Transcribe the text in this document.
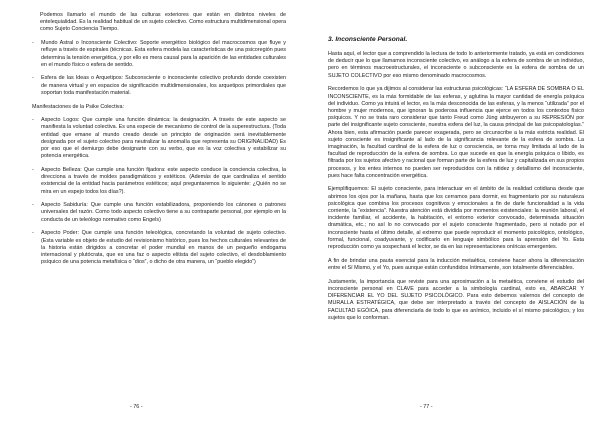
Podemos llamarlo el mundo de las culturas exteriores que están en distintos niveles de entelequialidad. Es la realidad habitual de un sujeto colectivo. Como estructura multidimensional opera como Sujeto Conciencia Tiempo.

-	Mundo Astral o Inconsciente Colectivo: Soporte energético biológico del macrocosmos que fluye y refluye a través de espirales (técnicas. Esta esfera modela las características de una psicoregión pues determina la tensión energética, y por ello es mera causal para la aparición de las entidades culturales en el mundo físico o esfera de sentido.

-	Esfera de las Ideas o Arquetipos: Subconsciente o inconsciente colectivo profundo donde coexisten de manera virtual y en espacios de significación multidimensionales, los arquetipos primordiales que soportan toda manifestación material.

Manifestaciones de la Psike Colectiva:

-	Aspecto Logos: Que cumple una función dinámica: la designación. A través de este aspecto se manifiesta la voluntad colectiva. Es una especie de mecanismo de control de la superestructura. (Toda entidad que emane al mundo creado desde un principio de originación será inevitablemente designada por el sujeto colectivo para neutralizar la anomalía que representa su ORIGINALIDAD) Es por eso que el demiurgo debe designarte con su verbo, que es la voz colectiva y estabilizar su potencia energética.

-	Aspecto Belleza: Que cumple una función fijadora: este aspecto conduce la conciencia colectiva, la direcciona a través de moldes paradigmáticos y estéticos. (Además de que cardinaliza el sentido existencial de la entidad hacia parámetros estéticos; aquí preguntaremos lo siguiente: ¿Quién no se mira en un espejo todos los días?).

-	Aspecto Sabiduría: Que cumple una función estabilizadora, proponiendo los cánones o patrones universales del razón. Como todo aspecto colectivo tiene a su contraparte personal, por ejemplo en la conducta de un teleólogo normativo como Engels)

-	Aspecto Poder: Que cumple una función teleológica, concretando la voluntad de sujeto colectivo. (Esta variable es objeto de estudio del revisionismo histórico, pues los hechos culturales relevantes de la historia están dirigidos a concretar el poder mundial en manos de un pequeño endogama internacional y plutócrata, que es una faz o aspecto elitista del sujeto colectivo, el desdoblamiento psíquico de una potencia metafísica o “dios”, o dicho de otra manera, un “pueblo elegido”)

- 76 -

3. Inconsciente Personal.

Hasta aquí, el lector que a comprendido la lectura de todo lo anteriormente tratado, ya está en condiciones de deducir que lo que llamamos inconsciente colectivo, es análogo a la esfera de sombra de un individuo, pero en términos macroestructurales, el inconsciente o subconsciente es la esfera de sombra de un SUJETO COLECTIVO por eso mismo denominado macrocosmos.

Recordemos lo que ya dijimos al considerar las estructuras psicológicas: “LA ESFERA DE SOMBRA O EL INCONSCIENTE, es la más formidable de las esferas, y aglutina la mayor cantidad de energía psíquica del individuo. Como ya intuirá el lector, es la más desconocida de las esferas, y la menos “utilizada” por el hombre y mujer modernos, que ignoran la poderosa influencia que ejerce en todos los contextos físico psíquicos. Y no se trata raro considerar que tanto Freud como Jüng atribuyeron a su REPRESIÓN por parte del insignificante sujeto consciente, nuestra esfera del luz, la causa principal de las psicopatologías.” Ahora bien, esta afirmación puede parecer exagerada, pero se circunscribe a la más estricta realidad. El sujeto consciente es insignificante al lado de la significancia relevante de la esfera de sombra. La imaginación, la facultad cardinal de la esfera de luz o consciencia, se torna muy limitada al lado de la facultad de reproducción de la esfera de sombra. Lo que sucede es que la energía psíquica o libido, es filtrada por los sujetos afectivo y racional que forman parte de la esfera de luz y capitalizada en sus propios procesos, y los entes internos no pueden ser reproducidos con la nitidez y detallismo del inconsciente, pues hace falta concentración energética.

Ejemplifiquemos: El sujeto consciente, para interactuar en el ámbito de la realidad cotidiana desde que abrimos los ojos por la mañana, hasta que los cerramos para dormir, es fragmentario por su naturaleza psicológica que combina los procesos cognitivos y emocionales a fin de darle funcionalidad a la vida corriente, la “existencia”. Nuestra atención está dividida por momentos existenciales: la reunión laboral, el incidente familiar, el accidente, la habitación, el entorno exterior convocado, determinada situación dramática, etc.; no así lo no convocado por el sujeto consciente fragmentado, pero si notado por el inconsciente hasta el último detalle, al extremo que puede reproducir el momento psicológico, ontológico, formal, funcional, coadyuvante, y codificarlo en lenguaje simbólico para la aprensión del Yo. Esta reproducción como ya sospechará el lector, se da en las representaciones oníricas emergentes.

A fin de brindar una pauta esencial para la inducción metaética, conviene hacer ahora la diferenciación entre el Sí Mismo, y el Yo, pues aunque están confundidos íntimamente, son totalmente diferenciables.

Justamente, la importancia que reviste para una aproximación a la metaética, conviene el estudio del inconsciente personal en CLAVE para acceder a la simbología cardinal, esto es, ABARCAR Y DIFERENCIAR EL YO DEL SUJETO PSICOLÓGICO. Para esto debemos valernos del concepto de MURALLA ESTRATÉGICA, que debe ser interpretado a través del concepto de AISLACIÓN de la FACULTAD EGÓICA, para diferenciarla de todo lo que es anímico, incluido el sí mismo psicológico, y los sujetos que lo conforman.

- 77 -
